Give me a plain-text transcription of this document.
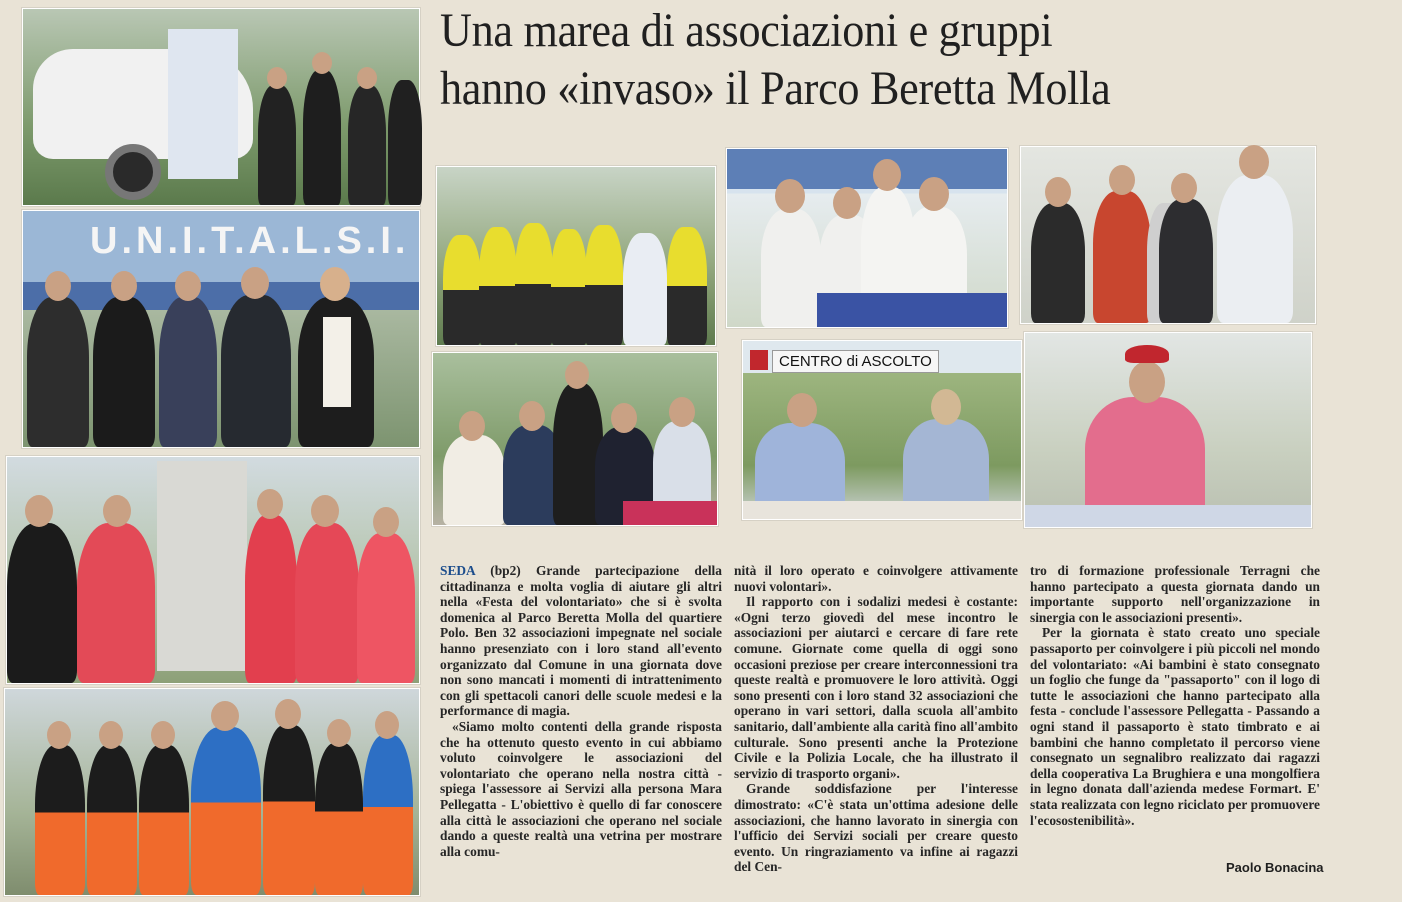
Una marea di associazioni e gruppi
hanno «invaso» il Parco Beretta Molla
U.N.I.T.A.L.S.I.
CENTRO di ASCOLTO

SEDA (bp2) Grande partecipazione della cittadinanza e molta voglia di aiutare gli altri nella «Festa del volontariato» che si è svolta domenica al Parco Beretta Molla del quartiere Polo. Ben 32 associazioni impegnate nel sociale hanno presenziato con i loro stand all'evento organizzato dal Comune in una giornata dove non sono mancati i momenti di intrattenimento con gli spettacoli canori delle scuole medesi e la performance di magia.

«Siamo molto contenti della grande risposta che ha ottenuto questo evento in cui abbiamo voluto coinvolgere le associazioni del volontariato che operano nella nostra città - spiega l'assessore ai Servizi alla persona Mara Pellegatta - L'obiettivo è quello di far conoscere alla città le associazioni che operano nel sociale dando a queste realtà una vetrina per mostrare alla comu-

nità il loro operato e coinvolgere attivamente nuovi volontari».

Il rapporto con i sodalizi medesi è costante: «Ogni terzo giovedì del mese incontro le associazioni per aiutarci e cercare di fare rete comune. Giornate come quella di oggi sono occasioni preziose per creare interconnessioni tra queste realtà e promuovere le loro attività. Oggi sono presenti con i loro stand 32 associazioni che operano in vari settori, dalla scuola all'ambito sanitario, dall'ambiente alla carità fino all'ambito culturale. Sono presenti anche la Protezione Civile e la Polizia Locale, che ha illustrato il servizio di trasporto organi».

Grande soddisfazione per l'interesse dimostrato: «C'è stata un'ottima adesione delle associazioni, che hanno lavorato in sinergia con l'ufficio dei Servizi sociali per creare questo evento. Un ringraziamento va infine ai ragazzi del Cen-

tro di formazione professionale Terragni che hanno partecipato a questa giornata dando un importante supporto nell'organizzazione in sinergia con le associazioni presenti».

Per la giornata è stato creato uno speciale passaporto per coinvolgere i più piccoli nel mondo del volontariato: «Ai bambini è stato consegnato un foglio che funge da "passaporto" con il logo di tutte le associazioni che hanno partecipato alla festa - conclude l'assessore Pellegatta - Passando a ogni stand il passaporto è stato timbrato e ai bambini che hanno completato il percorso viene consegnato un segnalibro realizzato dai ragazzi della cooperativa La Brughiera e una mongolfiera in legno donata dall'azienda medese Formart. E' stata realizzata con legno riciclato per promuovere l'ecosostenibilità».

Paolo Bonacina
